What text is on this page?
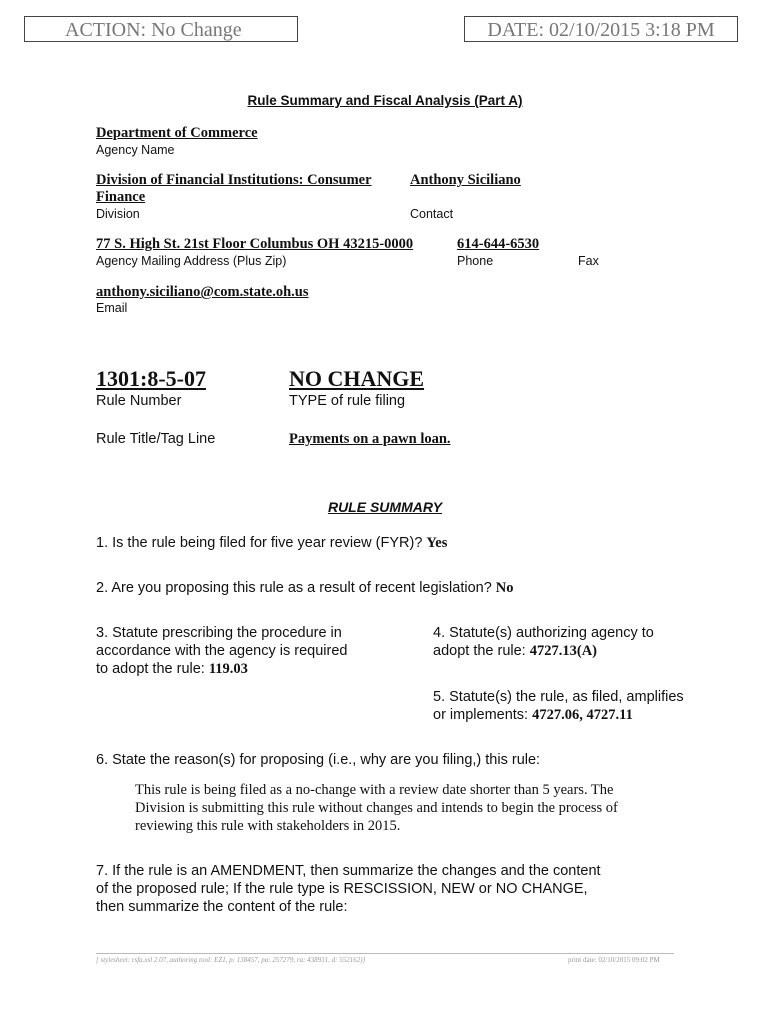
ACTION: No Change	DATE: 02/10/2015 3:18 PM
Rule Summary and Fiscal Analysis (Part A)
Department of Commerce
Agency Name
Division of Financial Institutions: Consumer
Finance
Division
Anthony Siciliano
Contact
77 S. High St. 21st Floor Columbus OH 43215-0000
Agency Mailing Address (Plus Zip)
614-644-6530
Phone	Fax
anthony.siciliano@com.state.oh.us
Email
1301:8-5-07
Rule Number
NO CHANGE
TYPE of rule filing
Rule Title/Tag Line	Payments on a pawn loan.
RULE SUMMARY
1. Is the rule being filed for five year review (FYR)? Yes
2. Are you proposing this rule as a result of recent legislation? No
3. Statute prescribing the procedure in
accordance with the agency is required
to adopt the rule: 119.03
4. Statute(s) authorizing agency to
adopt the rule: 4727.13(A)
5. Statute(s) the rule, as filed, amplifies
or implements: 4727.06, 4727.11
6. State the reason(s) for proposing (i.e., why are you filing,) this rule:
This rule is being filed as a no-change with a review date shorter than 5 years. The
Division is submitting this rule without changes and intends to begin the process of
reviewing this rule with stakeholders in 2015.
7. If the rule is an AMENDMENT, then summarize the changes and the content
of the proposed rule; If the rule type is RESCISSION, NEW or NO CHANGE,
then summarize the content of the rule:
[ stylesheet: rsfa.xsl 2.07, authoring tool: EZ1, p: 138457, pa: 257279, ra: 438931, d: 552162)]	print date: 02/10/2015 09:02 PM
